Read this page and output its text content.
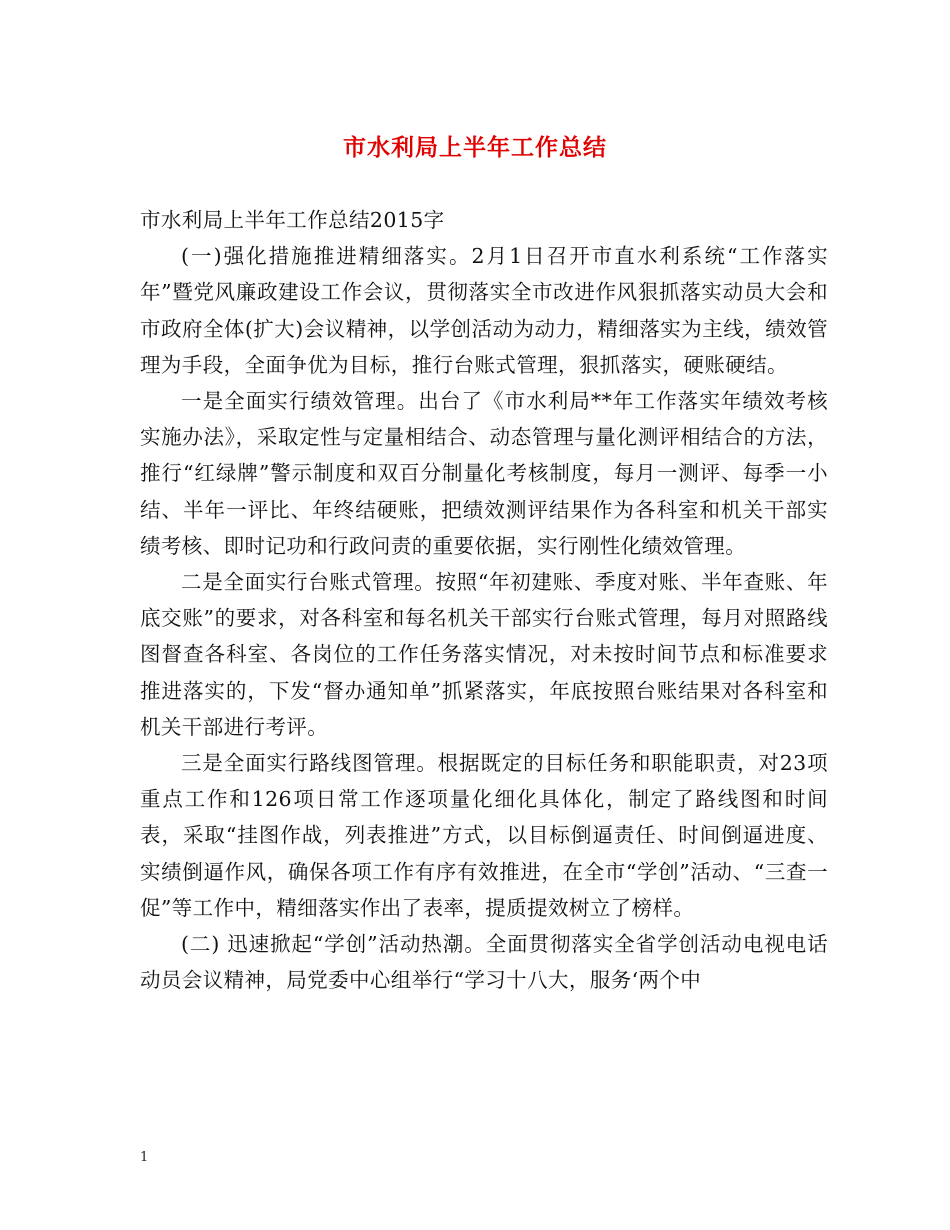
市水利局上半年工作总结

市水利局上半年工作总结2015字

(一)强化措施推进精细落实。2月1日召开市直水利系统“工作落实年”暨党风廉政建设工作会议，贯彻落实全市改进作风狠抓落实动员大会和市政府全体(扩大)会议精神，以学创活动为动力，精细落实为主线，绩效管理为手段，全面争优为目标，推行台账式管理，狠抓落实，硬账硬结。

一是全面实行绩效管理。出台了《市水利局**年工作落实年绩效考核实施办法》，采取定性与定量相结合、动态管理与量化测评相结合的方法，推行“红绿牌”警示制度和双百分制量化考核制度，每月一测评、每季一小结、半年一评比、年终结硬账，把绩效测评结果作为各科室和机关干部实绩考核、即时记功和行政问责的重要依据，实行刚性化绩效管理。

二是全面实行台账式管理。按照“年初建账、季度对账、半年查账、年底交账”的要求，对各科室和每名机关干部实行台账式管理，每月对照路线图督查各科室、各岗位的工作任务落实情况，对未按时间节点和标准要求推进落实的，下发“督办通知单”抓紧落实，年底按照台账结果对各科室和机关干部进行考评。

三是全面实行路线图管理。根据既定的目标任务和职能职责，对23项重点工作和126项日常工作逐项量化细化具体化，制定了路线图和时间表，采取“挂图作战，列表推进”方式，以目标倒逼责任、时间倒逼进度、实绩倒逼作风，确保各项工作有序有效推进，在全市“学创”活动、“三查一促”等工作中，精细落实作出了表率，提质提效树立了榜样。

(二) 迅速掀起“学创”活动热潮。全面贯彻落实全省学创活动电视电话动员会议精神，局党委中心组举行“学习十八大，服务‘两个中

1
